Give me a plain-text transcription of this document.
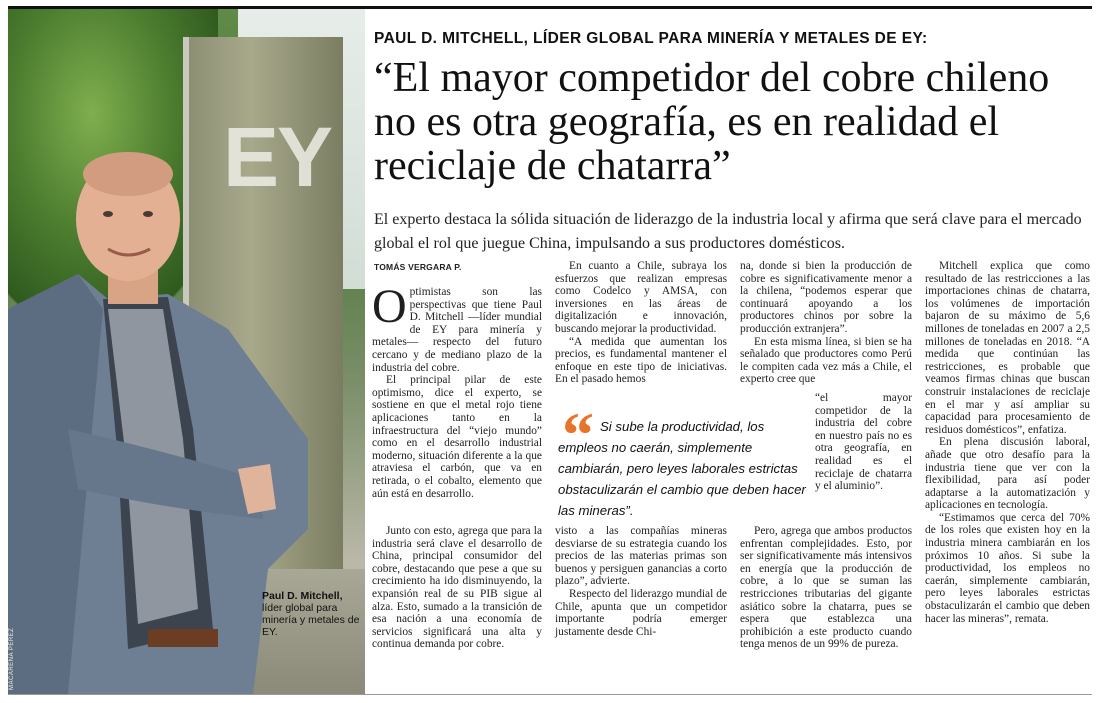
EY
MACARENA PÉREZ
Paul D. Mitchell,
líder global para minería y metales de EY.
PAUL D. MITCHELL, LÍDER GLOBAL PARA MINERÍA Y METALES DE EY:
“El mayor competidor del cobre chileno no es otra geografía, es en realidad el reciclaje de chatarra”
El experto destaca la sólida situación de liderazgo de la industria local y afirma que será clave para el mercado global el rol que juegue China, impulsando a sus productores domésticos.
TOMÁS VERGARA P.

Optimistas son las perspectivas que tiene Paul D. Mitchell —líder mundial de EY para minería y metales— respecto del futuro cercano y de mediano plazo de la industria del cobre.

El principal pilar de este optimismo, dice el experto, se sostiene en que el metal rojo tiene aplicaciones tanto en la infraestructura del “viejo mundo” como en el desarrollo industrial moderno, situación diferente a la que atraviesa el carbón, que va en retirada, o el cobalto, elemento que aún está en desarrollo.

Junto con esto, agrega que para la industria será clave el desarrollo de China, principal consumidor del cobre, destacando que pese a que su crecimiento ha ido disminuyendo, la expansión real de su PIB sigue al alza. Esto, sumado a la transición de esa nación a una economía de servicios significará una alta y continua demanda por cobre.

En cuanto a Chile, subraya los esfuerzos que realizan empresas como Codelco y AMSA, con inversiones en las áreas de digitalización e innovación, buscando mejorar la productividad.

“A medida que aumentan los precios, es fundamental mantener el enfoque en este tipo de iniciativas. En el pasado hemos

visto a las compañías mineras desviarse de su estrategia cuando los precios de las materias primas son buenos y persiguen ganancias a corto plazo”, advierte.

Respecto del liderazgo mundial de Chile, apunta que un competidor importante podría emerger justamente desde Chi-

na, donde si bien la producción de cobre es significativamente menor a la chilena, “podemos esperar que continuará apoyando a los productores chinos por sobre la producción extranjera”.

En esta misma línea, si bien se ha señalado que productores como Perú le compiten cada vez más a Chile, el experto cree que

“el mayor competidor de la industria del cobre en nuestro país no es otra geografía, en realidad es el reciclaje de chatarra y el aluminio”.

Pero, agrega que ambos productos enfrentan complejidades. Esto, por ser significativamente más intensivos en energía que la producción de cobre, a lo que se suman las restricciones tributarias del gigante asiático sobre la chatarra, pues se espera que establezca una prohibición a este producto cuando tenga menos de un 99% de pureza.

Mitchell explica que como resultado de las restricciones a las importaciones chinas de chatarra, los volúmenes de importación bajaron de su máximo de 5,6 millones de toneladas en 2007 a 2,5 millones de toneladas en 2018. “A medida que continúan las restricciones, es probable que veamos firmas chinas que buscan construir instalaciones de reciclaje en el mar y así ampliar su capacidad para procesamiento de residuos domésticos”, enfatiza.

En plena discusión laboral, añade que otro desafío para la industria tiene que ver con la flexibilidad, para así poder adaptarse a la automatización y aplicaciones en tecnología.

“Estimamos que cerca del 70% de los roles que existen hoy en la industria minera cambiarán en los próximos 10 años. Si sube la productividad, los empleos no caerán, simplemente cambiarán, pero leyes laborales estrictas obstaculizarán el cambio que deben hacer las mineras”, remata.

“ Si sube la productividad, los empleos no caerán, simplemente cambiarán, pero leyes laborales estrictas obstaculizarán el cambio que deben hacer las mineras”.
